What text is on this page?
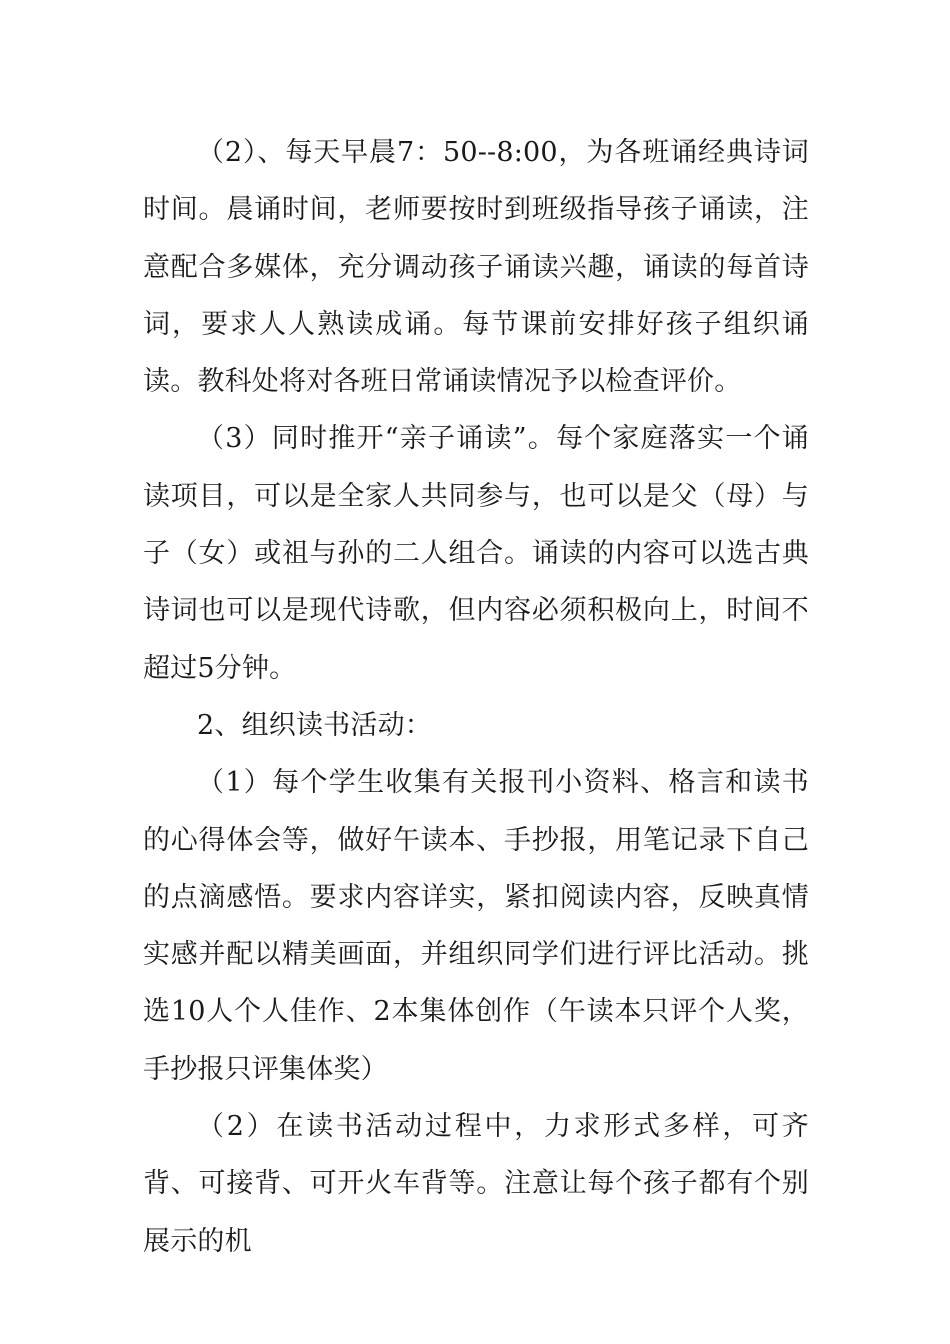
（2）、每天早晨7：50--8:00，为各班诵经典诗词时间。晨诵时间，老师要按时到班级指导孩子诵读，注意配合多媒体，充分调动孩子诵读兴趣，诵读的每首诗词，要求人人熟读成诵。每节课前安排好孩子组织诵读。教科处将对各班日常诵读情况予以检查评价。

（3）同时推开“亲子诵读”。每个家庭落实一个诵读项目，可以是全家人共同参与，也可以是父（母）与子（女）或祖与孙的二人组合。诵读的内容可以选古典诗词也可以是现代诗歌，但内容必须积极向上，时间不超过5分钟。

2、组织读书活动：

（1）每个学生收集有关报刊小资料、格言和读书的心得体会等，做好午读本、手抄报，用笔记录下自己的点滴感悟。要求内容详实，紧扣阅读内容，反映真情实感并配以精美画面，并组织同学们进行评比活动。挑选10人个人佳作、2本集体创作（午读本只评个人奖，手抄报只评集体奖）

（2）在读书活动过程中，力求形式多样，可齐背、可接背、可开火车背等。注意让每个孩子都有个别展示的机
